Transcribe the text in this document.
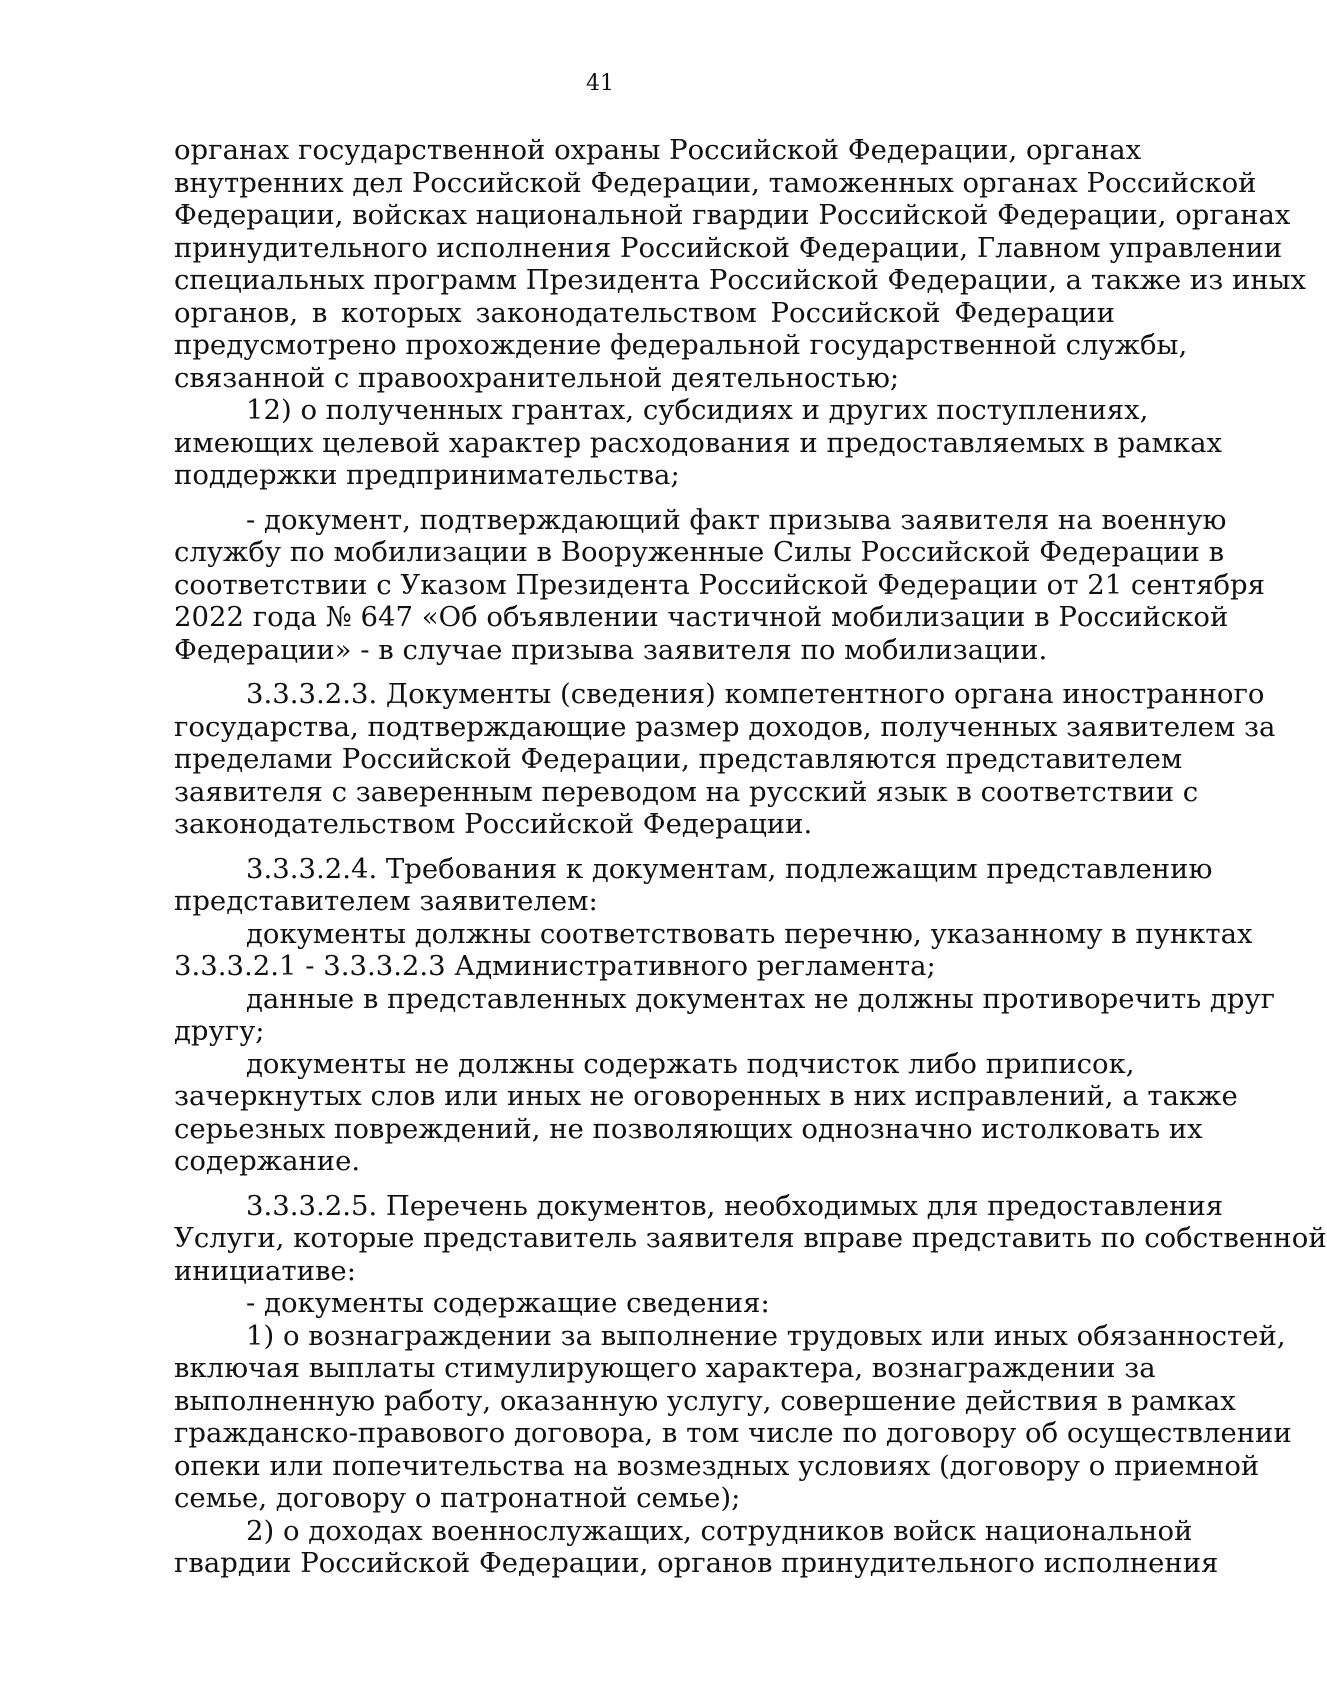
41
органах государственной охраны Российской Федерации, органах
внутренних дел Российской Федерации, таможенных органах Российской
Федерации, войсках национальной гвардии Российской Федерации, органах
принудительного исполнения Российской Федерации, Главном управлении
специальных программ Президента Российской Федерации, а также из иных
органов, в которых законодательством Российской Федерации
предусмотрено прохождение федеральной государственной службы,
связанной с правоохранительной деятельностью;
12) о полученных грантах, субсидиях и других поступлениях,
имеющих целевой характер расходования и предоставляемых в рамках
поддержки предпринимательства;
- документ, подтверждающий факт призыва заявителя на военную
службу по мобилизации в Вооруженные Силы Российской Федерации в
соответствии с Указом Президента Российской Федерации от 21 сентября
2022 года № 647 «Об объявлении частичной мобилизации в Российской
Федерации» - в случае призыва заявителя по мобилизации.
3.3.3.2.3. Документы (сведения) компетентного органа иностранного
государства, подтверждающие размер доходов, полученных заявителем за
пределами Российской Федерации, представляются представителем
заявителя с заверенным переводом на русский язык в соответствии с
законодательством Российской Федерации.
3.3.3.2.4. Требования к документам, подлежащим представлению
представителем заявителем:
документы должны соответствовать перечню, указанному в пунктах
3.3.3.2.1 - 3.3.3.2.3 Административного регламента;
данные в представленных документах не должны противоречить друг
другу;
документы не должны содержать подчисток либо приписок,
зачеркнутых слов или иных не оговоренных в них исправлений, а также
серьезных повреждений, не позволяющих однозначно истолковать их
содержание.
3.3.3.2.5. Перечень документов, необходимых для предоставления
Услуги, которые представитель заявителя вправе представить по собственной
инициативе:
- документы содержащие сведения:
1) о вознаграждении за выполнение трудовых или иных обязанностей,
включая выплаты стимулирующего характера, вознаграждении за
выполненную работу, оказанную услугу, совершение действия в рамках
гражданско-правового договора, в том числе по договору об осуществлении
опеки или попечительства на возмездных условиях (договору о приемной
семье, договору о патронатной семье);
2) о доходах военнослужащих, сотрудников войск национальной
гвардии Российской Федерации, органов принудительного исполнения
